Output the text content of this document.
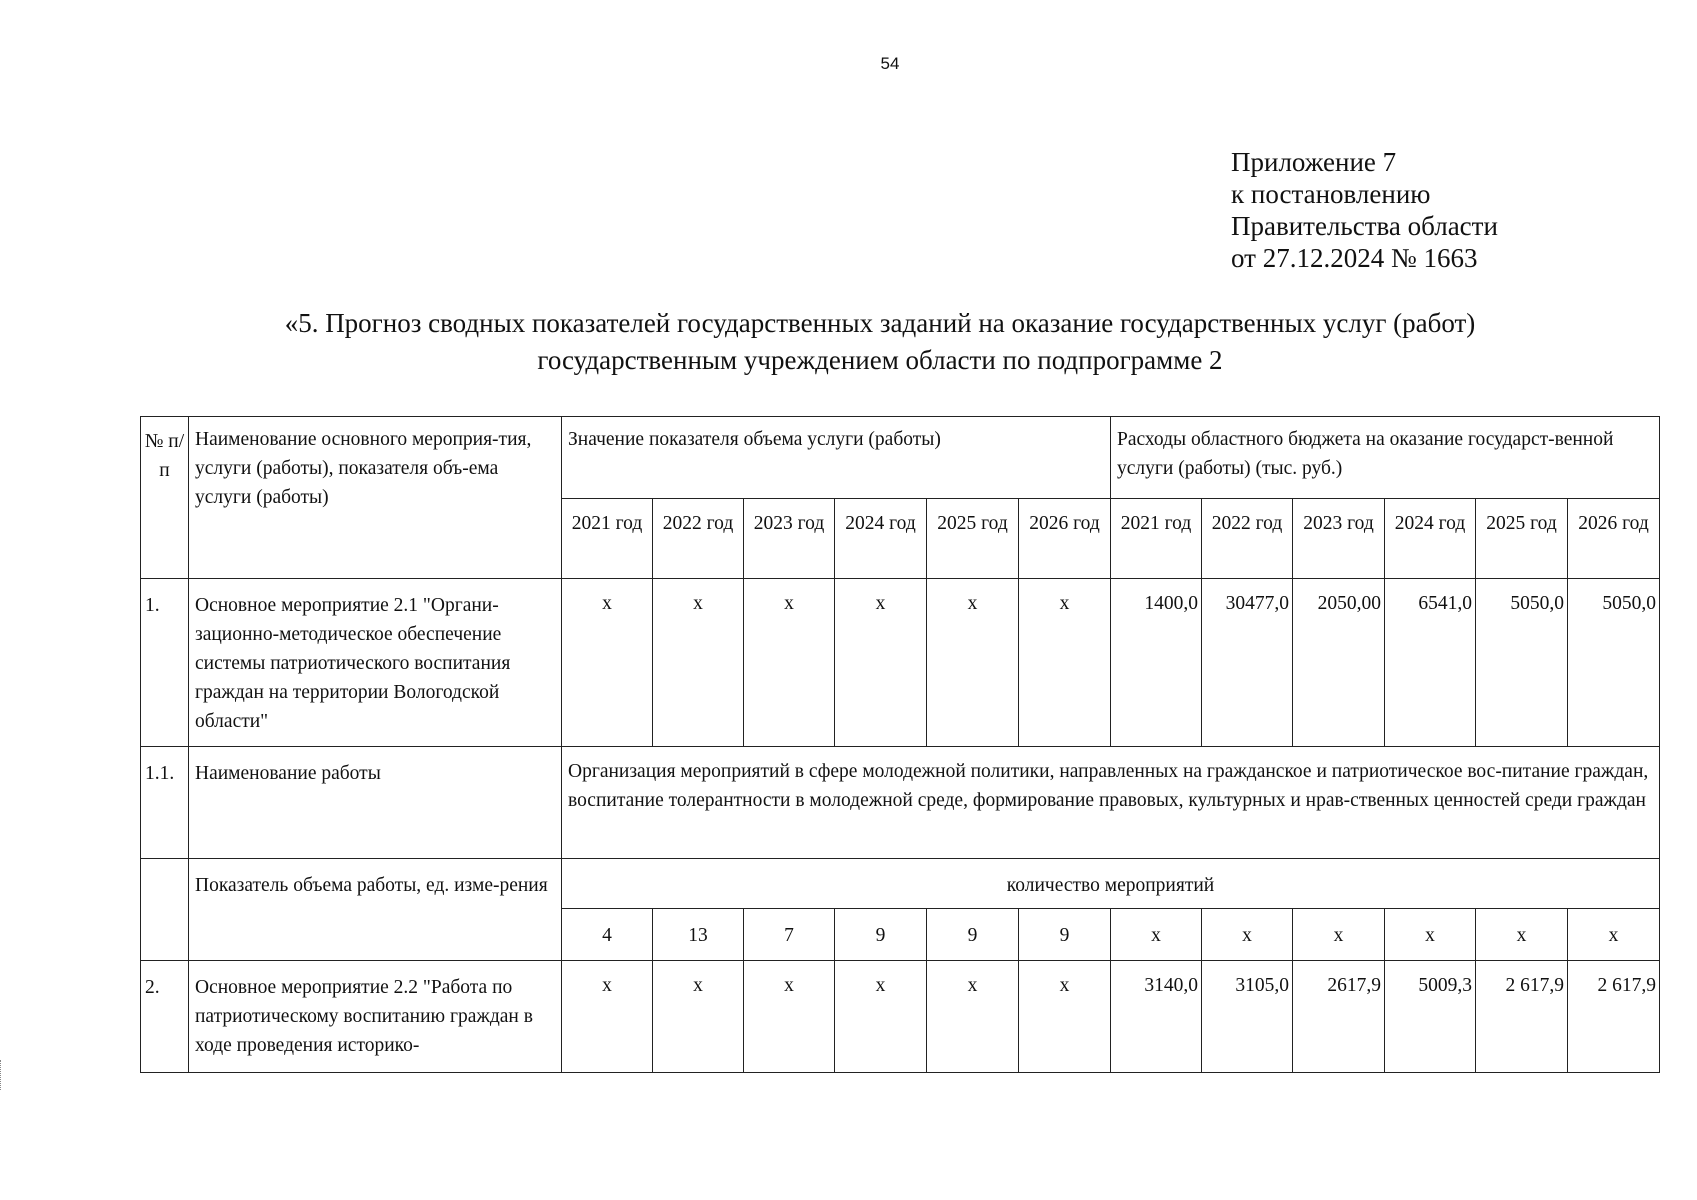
54
Приложение 7
к постановлению
Правительства области
от 27.12.2024 № 1663
«5. Прогноз сводных показателей государственных заданий на оказание государственных услуг (работ)
государственным учреждением области по подпрограмме 2
№ п/п	Наименование основного мероприя-тия, услуги (работы), показателя объ-ема услуги (работы)	Значение показателя объема услуги (работы)						Расходы областного бюджета на оказание государст-венной услуги (работы) (тыс. руб.)					
		2021 год	2022 год	2023 год	2024 год	2025 год	2026 год	2021 год	2022 год	2023 год	2024 год	2025 год	2026 год
1.	Основное мероприятие 2.1 "Органи-зационно-методическое обеспечение системы патриотического воспитания граждан на территории Вологодской области"	х	х	х	х	х	х	1400,0	30477,0	2050,00	6541,0	5050,0	5050,0
1.1.	Наименование работы	Организация мероприятий в сфере молодежной политики, направленных на гражданское и патриотическое вос-питание граждан, воспитание толерантности в молодежной среде, формирование правовых, культурных и нрав-ственных ценностей среди граждан											
	Показатель объема работы, ед. изме-рения	количество мероприятий											
		4	13	7	9	9	9	х	х	х	х	х	х
2.	Основное мероприятие 2.2 "Работа по патриотическому воспитанию граждан в ходе проведения историко-	х	х	х	х	х	х	3140,0	3105,0	2617,9	5009,3	2 617,9	2 617,9
